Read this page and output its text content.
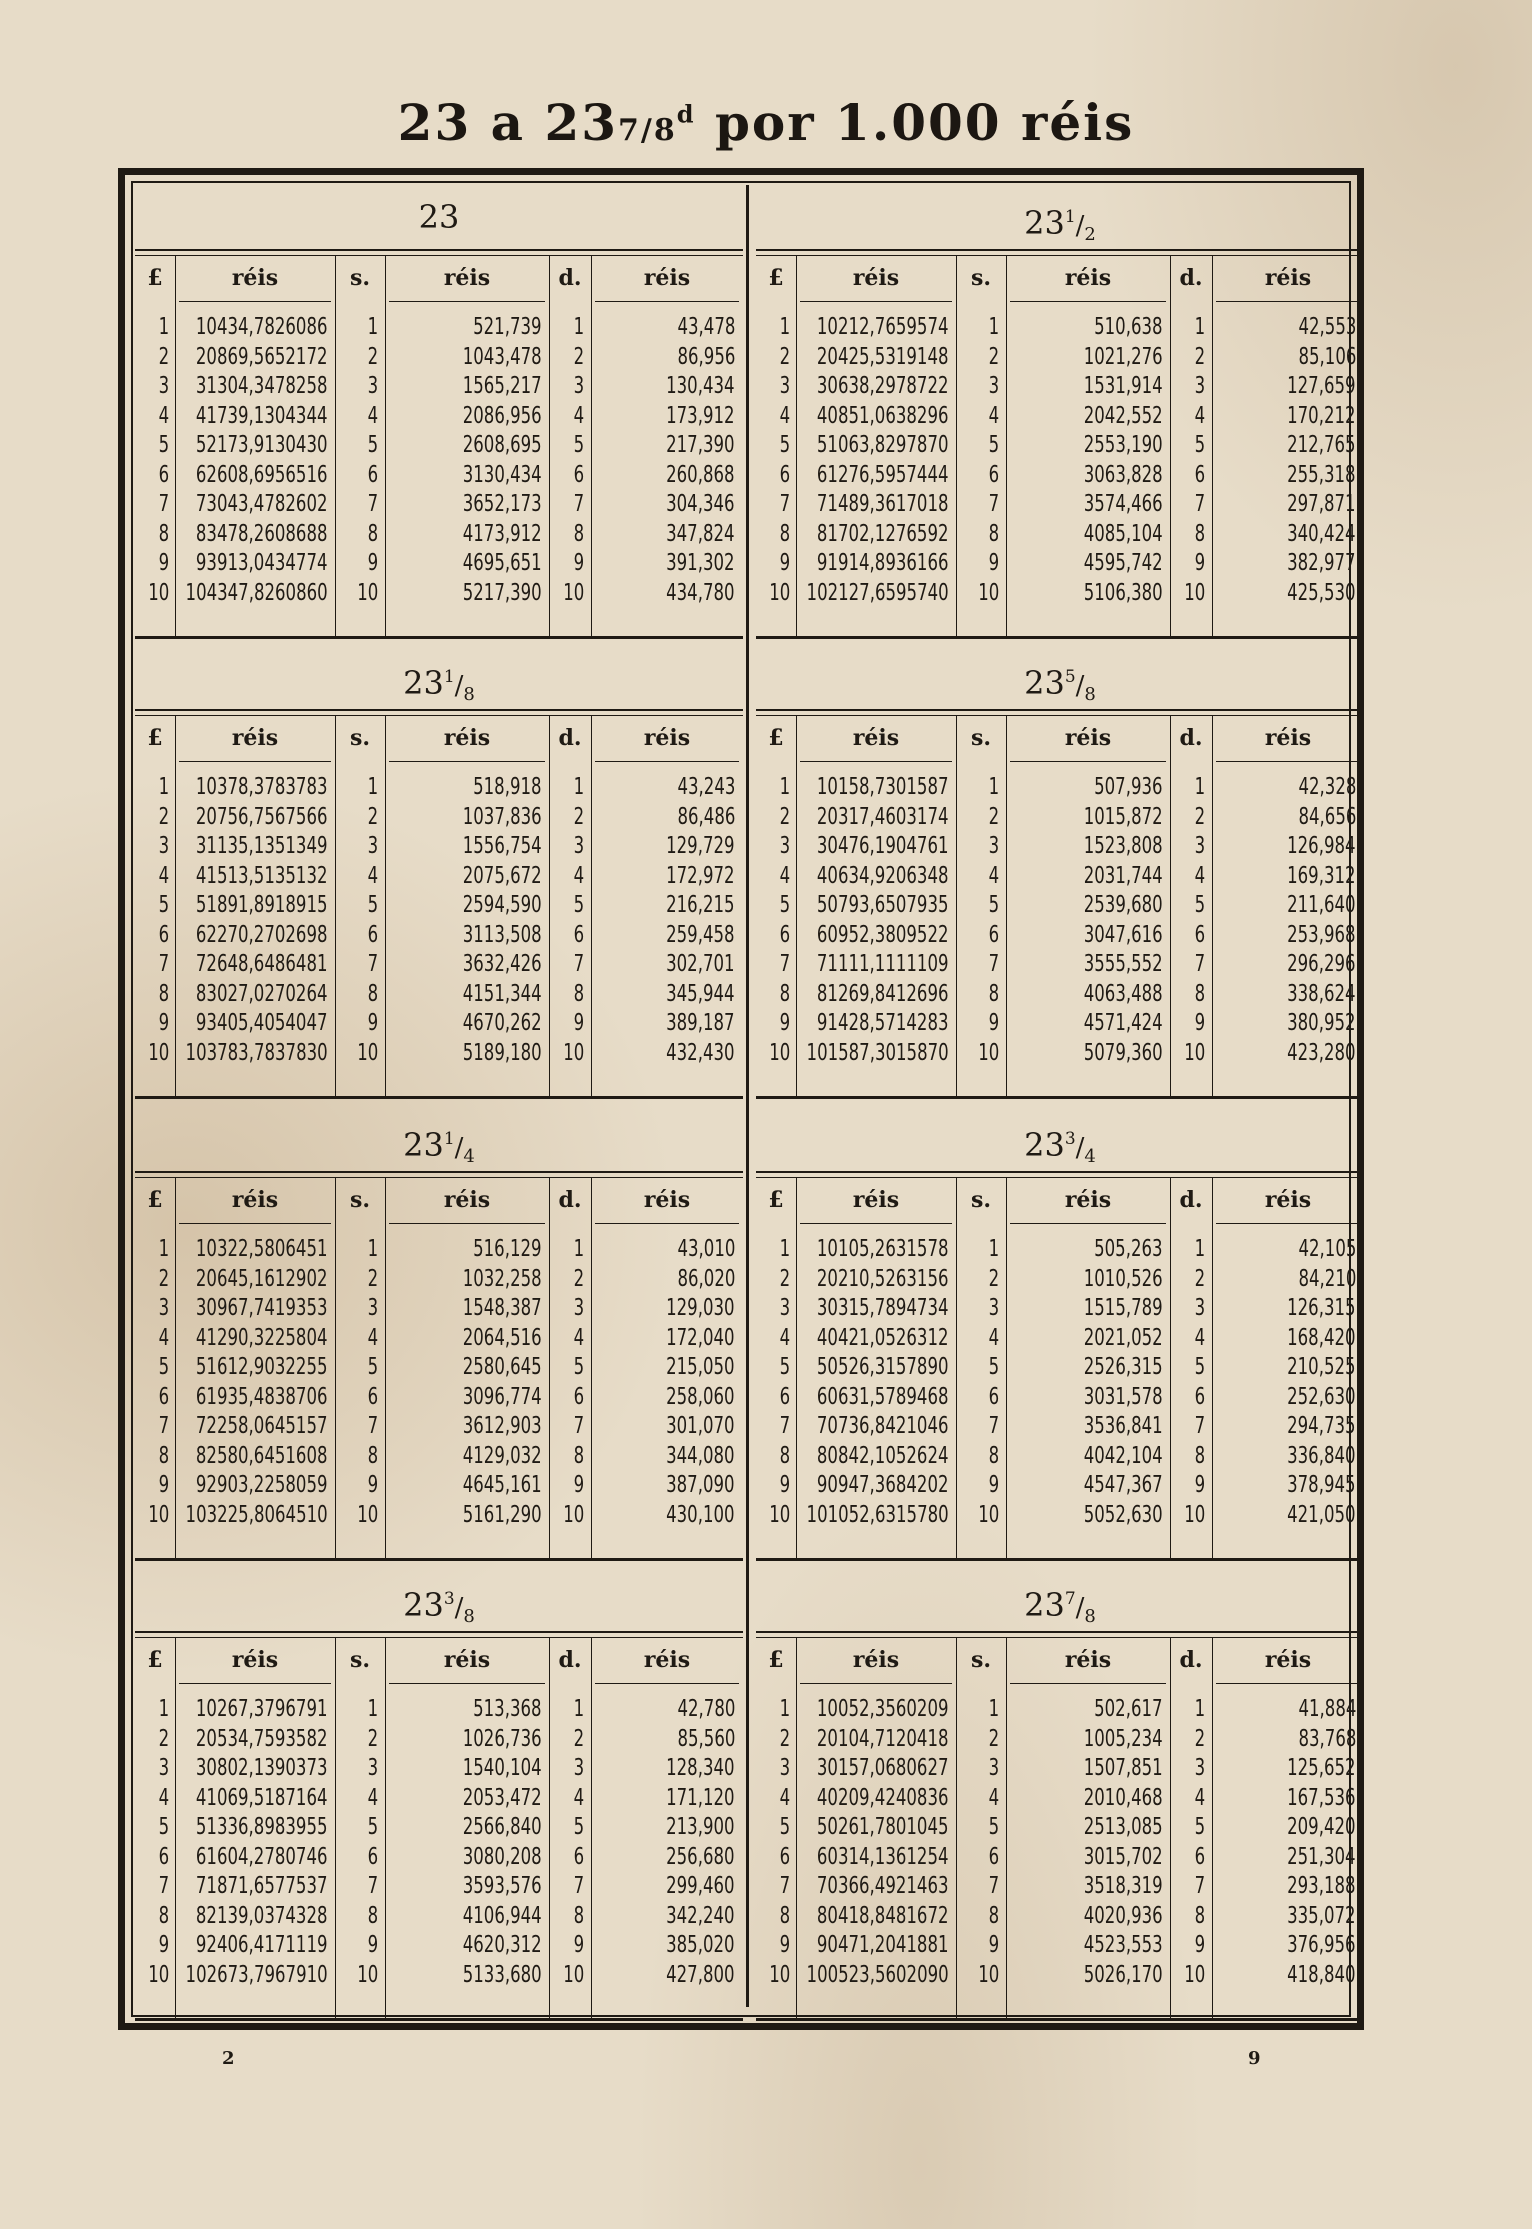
23 a 237/8$^d$ por 1.000 réis
23
£	réis	s.	réis	d.	réis
1 10434,7826086 1	521,739 1	43,478
2 20869,5652172 2	1043,478 2	86,956
3 31304,3478258 3	1565,217 3	130,434
4 41739,1304344 4	2086,956 4	173,912
5 52173,9130430 5	2608,695 5	217,390
6 62608,6956516 6	3130,434 6	260,868
7 73043,4782602 7	3652,173 7	304,346
8 83478,2608688 8	4173,912 8	347,824
9 93913,0434774 9	4695,651 9	391,302
10 104347,8260860 10	5217,390 10	434,780
$23^1/_2$
£	réis	s.	réis	d.	réis
1 10212,7659574 1	510,638 1	42,553
2 20425,5319148 2	1021,276 2	85,106
3 30638,2978722 3	1531,914 3	127,659
4 40851,0638296 4	2042,552 4	170,212
5 51063,8297870 5	2553,190 5	212,765
6 61276,5957444 6	3063,828 6	255,318
7 71489,3617018 7	3574,466 7	297,871
8 81702,1276592 8	4085,104 8	340,424
9 91914,8936166 9	4595,742 9	382,977
10 102127,6595740 10	5106,380 10	425,530
$23^1/_8$
£	réis	s.	réis	d.	réis
1 10378,3783783 1	518,918 1	43,243
2 20756,7567566 2	1037,836 2	86,486
3 31135,1351349 3	1556,754 3	129,729
4 41513,5135132 4	2075,672 4	172,972
5 51891,8918915 5	2594,590 5	216,215
6 62270,2702698 6	3113,508 6	259,458
7 72648,6486481 7	3632,426 7	302,701
8 83027,0270264 8	4151,344 8	345,944
9 93405,4054047 9	4670,262 9	389,187
10 103783,7837830 10	5189,180 10	432,430
$23^5/_8$
£	réis	s.	réis	d.	réis
1 10158,7301587 1	507,936 1	42,328
2 20317,4603174 2	1015,872 2	84,656
3 30476,1904761 3	1523,808 3	126,984
4 40634,9206348 4	2031,744 4	169,312
5 50793,6507935 5	2539,680 5	211,640
6 60952,3809522 6	3047,616 6	253,968
7 71111,1111109 7	3555,552 7	296,296
8 81269,8412696 8	4063,488 8	338,624
9 91428,5714283 9	4571,424 9	380,952
10 101587,3015870 10	5079,360 10	423,280
$23^1/_4$
£	réis	s.	réis	d.	réis
1 10322,5806451 1	516,129 1	43,010
2 20645,1612902 2	1032,258 2	86,020
3 30967,7419353 3	1548,387 3	129,030
4 41290,3225804 4	2064,516 4	172,040
5 51612,9032255 5	2580,645 5	215,050
6 61935,4838706 6	3096,774 6	258,060
7 72258,0645157 7	3612,903 7	301,070
8 82580,6451608 8	4129,032 8	344,080
9 92903,2258059 9	4645,161 9	387,090
10 103225,8064510 10	5161,290 10	430,100
$23^3/_4$
£	réis	s.	réis	d.	réis
1 10105,2631578 1	505,263 1	42,105
2 20210,5263156 2	1010,526 2	84,210
3 30315,7894734 3	1515,789 3	126,315
4 40421,0526312 4	2021,052 4	168,420
5 50526,3157890 5	2526,315 5	210,525
6 60631,5789468 6	3031,578 6	252,630
7 70736,8421046 7	3536,841 7	294,735
8 80842,1052624 8	4042,104 8	336,840
9 90947,3684202 9	4547,367 9	378,945
10 101052,6315780 10	5052,630 10	421,050
$23^3/_8$
£	réis	s.	réis	d.	réis
1 10267,3796791 1	513,368 1	42,780
2 20534,7593582 2	1026,736 2	85,560
3 30802,1390373 3	1540,104 3	128,340
4 41069,5187164 4	2053,472 4	171,120
5 51336,8983955 5	2566,840 5	213,900
6 61604,2780746 6	3080,208 6	256,680
7 71871,6577537 7	3593,576 7	299,460
8 82139,0374328 8	4106,944 8	342,240
9 92406,4171119 9	4620,312 9	385,020
10 102673,7967910 10	5133,680 10	427,800
$23^7/_8$
£	réis	s.	réis	d.	réis
1 10052,3560209 1	502,617 1	41,884
2 20104,7120418 2	1005,234 2	83,768
3 30157,0680627 3	1507,851 3	125,652
4 40209,4240836 4	2010,468 4	167,536
5 50261,7801045 5	2513,085 5	209,420
6 60314,1361254 6	3015,702 6	251,304
7 70366,4921463 7	3518,319 7	293,188
8 80418,8481672 8	4020,936 8	335,072
9 90471,2041881 9	4523,553 9	376,956
10 100523,5602090 10	5026,170 10	418,840
2	9
